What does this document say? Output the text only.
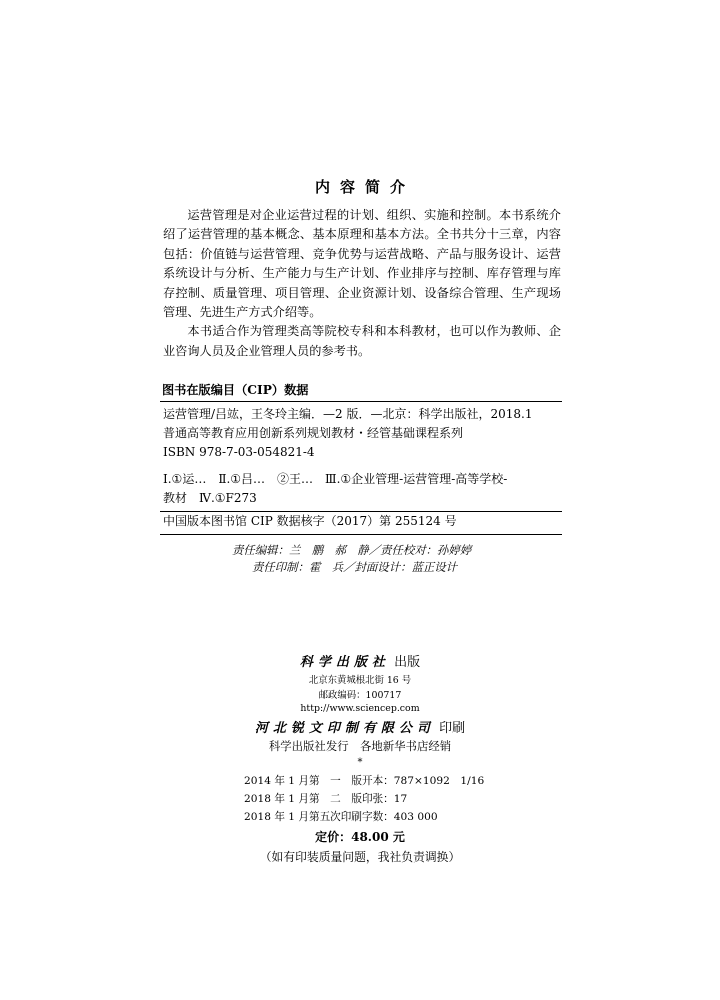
内 容 简 介

运营管理是对企业运营过程的计划、组织、实施和控制。本书系统介绍了运营管理的基本概念、基本原理和基本方法。全书共分十三章，内容包括：价值链与运营管理、竞争优势与运营战略、产品与服务设计、运营系统设计与分析、生产能力与生产计划、作业排序与控制、库存管理与库存控制、质量管理、项目管理、企业资源计划、设备综合管理、生产现场管理、先进生产方式介绍等。

本书适合作为管理类高等院校专科和本科教材，也可以作为教师、企业咨询人员及企业管理人员的参考书。

图书在版编目（CIP）数据
运营管理/吕竑，王冬玲主编．—2 版．—北京：科学出版社，2018.1
普通高等教育应用创新系列规划教材・经管基础课程系列
ISBN 978-7-03-054821-4
Ⅰ.①运…　Ⅱ.①吕…　②王…　Ⅲ.①企业管理-运营管理-高等学校-
教材　Ⅳ.①F273
中国版本图书馆 CIP 数据核字（2017）第 255124 号
责任编辑：兰　鹏　郝　静／责任校对：孙婷婷
责任印制：霍　兵／封面设计：蓝正设计
科学出版社 出版
北京东黄城根北街 16 号
邮政编码：100717
http://www.sciencep.com
河北锐文印制有限公司 印刷
科学出版社发行　各地新华书店经销
*
2014 年 1 月第　一　版开本：787×1092　1/16
2018 年 1 月第　二　版印张：17
2018 年 1 月第五次印刷字数：403 000
定价：48.00 元
（如有印装质量问题，我社负责调换）
